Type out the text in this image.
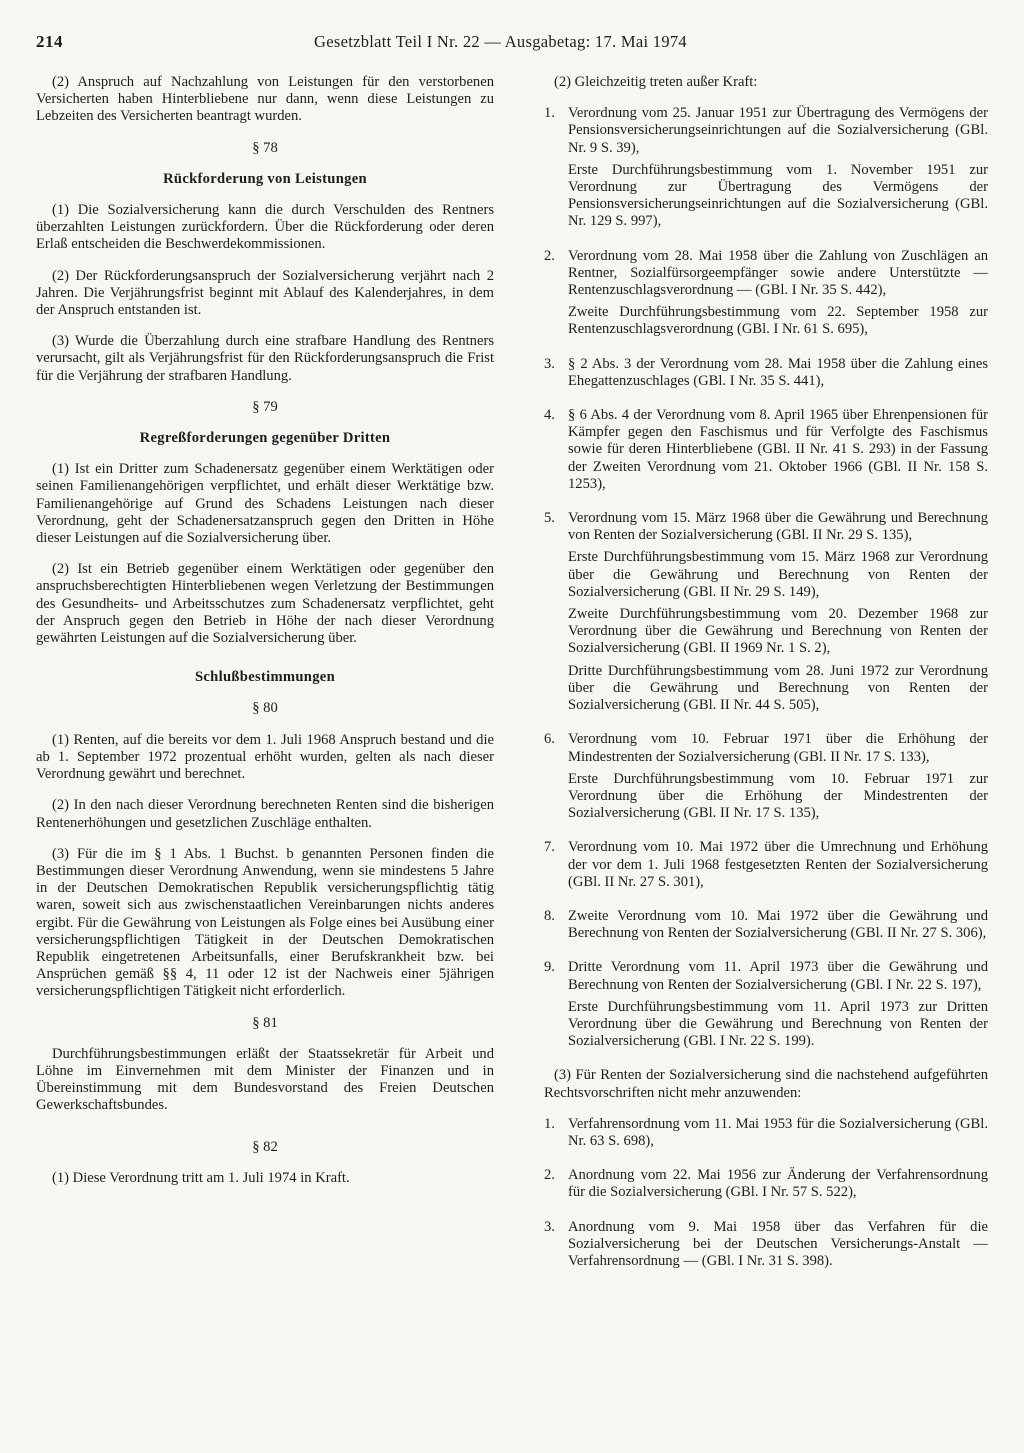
214	Gesetzblatt Teil I Nr. 22 — Ausgabetag: 17. Mai 1974

(2) Anspruch auf Nachzahlung von Leistungen für den verstorbenen Versicherten haben Hinterbliebene nur dann, wenn diese Leistungen zu Lebzeiten des Versicherten beantragt wurden.

§ 78

Rückforderung von Leistungen

(1) Die Sozialversicherung kann die durch Verschulden des Rentners überzahlten Leistungen zurückfordern. Über die Rückforderung oder deren Erlaß entscheiden die Beschwerdekommissionen.

(2) Der Rückforderungsanspruch der Sozialversicherung verjährt nach 2 Jahren. Die Verjährungsfrist beginnt mit Ablauf des Kalenderjahres, in dem der Anspruch entstanden ist.

(3) Wurde die Überzahlung durch eine strafbare Handlung des Rentners verursacht, gilt als Verjährungsfrist für den Rückforderungsanspruch die Frist für die Verjährung der strafbaren Handlung.

§ 79

Regreßforderungen gegenüber Dritten

(1) Ist ein Dritter zum Schadenersatz gegenüber einem Werktätigen oder seinen Familienangehörigen verpflichtet, und erhält dieser Werktätige bzw. Familienangehörige auf Grund des Schadens Leistungen nach dieser Verordnung, geht der Schadenersatzanspruch gegen den Dritten in Höhe dieser Leistungen auf die Sozialversicherung über.

(2) Ist ein Betrieb gegenüber einem Werktätigen oder gegenüber den anspruchsberechtigten Hinterbliebenen wegen Verletzung der Bestimmungen des Gesundheits- und Arbeitsschutzes zum Schadenersatz verpflichtet, geht der Anspruch gegen den Betrieb in Höhe der nach dieser Verordnung gewährten Leistungen auf die Sozialversicherung über.

Schlußbestimmungen

§ 80

(1) Renten, auf die bereits vor dem 1. Juli 1968 Anspruch bestand und die ab 1. September 1972 prozentual erhöht wurden, gelten als nach dieser Verordnung gewährt und berechnet.

(2) In den nach dieser Verordnung berechneten Renten sind die bisherigen Rentenerhöhungen und gesetzlichen Zuschläge enthalten.

(3) Für die im § 1 Abs. 1 Buchst. b genannten Personen finden die Bestimmungen dieser Verordnung Anwendung, wenn sie mindestens 5 Jahre in der Deutschen Demokratischen Republik versicherungspflichtig tätig waren, soweit sich aus zwischenstaatlichen Vereinbarungen nichts anderes ergibt. Für die Gewährung von Leistungen als Folge eines bei Ausübung einer versicherungspflichtigen Tätigkeit in der Deutschen Demokratischen Republik eingetretenen Arbeitsunfalls, einer Berufskrankheit bzw. bei Ansprüchen gemäß §§ 4, 11 oder 12 ist der Nachweis einer 5jährigen versicherungspflichtigen Tätigkeit nicht erforderlich.

§ 81

Durchführungsbestimmungen erläßt der Staatssekretär für Arbeit und Löhne im Einvernehmen mit dem Minister der Finanzen und in Übereinstimmung mit dem Bundesvorstand des Freien Deutschen Gewerkschaftsbundes.

§ 82

(1) Diese Verordnung tritt am 1. Juli 1974 in Kraft.

(2) Gleichzeitig treten außer Kraft:

1. Verordnung vom 25. Januar 1951 zur Übertragung des Vermögens der Pensionsversicherungseinrichtungen auf die Sozialversicherung (GBl. Nr. 9 S. 39),

Erste Durchführungsbestimmung vom 1. November 1951 zur Verordnung zur Übertragung des Vermögens der Pensionsversicherungseinrichtungen auf die Sozialversicherung (GBl. Nr. 129 S. 997),

2. Verordnung vom 28. Mai 1958 über die Zahlung von Zuschlägen an Rentner, Sozialfürsorgeempfänger sowie andere Unterstützte — Rentenzuschlagsverordnung — (GBl. I Nr. 35 S. 442),

Zweite Durchführungsbestimmung vom 22. September 1958 zur Rentenzuschlagsverordnung (GBl. I Nr. 61 S. 695),

3. § 2 Abs. 3 der Verordnung vom 28. Mai 1958 über die Zahlung eines Ehegattenzuschlages (GBl. I Nr. 35 S. 441),

4. § 6 Abs. 4 der Verordnung vom 8. April 1965 über Ehrenpensionen für Kämpfer gegen den Faschismus und für Verfolgte des Faschismus sowie für deren Hinterbliebene (GBl. II Nr. 41 S. 293) in der Fassung der Zweiten Verordnung vom 21. Oktober 1966 (GBl. II Nr. 158 S. 1253),

5. Verordnung vom 15. März 1968 über die Gewährung und Berechnung von Renten der Sozialversicherung (GBl. II Nr. 29 S. 135),

Erste Durchführungsbestimmung vom 15. März 1968 zur Verordnung über die Gewährung und Berechnung von Renten der Sozialversicherung (GBl. II Nr. 29 S. 149),

Zweite Durchführungsbestimmung vom 20. Dezember 1968 zur Verordnung über die Gewährung und Berechnung von Renten der Sozialversicherung (GBl. II 1969 Nr. 1 S. 2),

Dritte Durchführungsbestimmung vom 28. Juni 1972 zur Verordnung über die Gewährung und Berechnung von Renten der Sozialversicherung (GBl. II Nr. 44 S. 505),

6. Verordnung vom 10. Februar 1971 über die Erhöhung der Mindestrenten der Sozialversicherung (GBl. II Nr. 17 S. 133),

Erste Durchführungsbestimmung vom 10. Februar 1971 zur Verordnung über die Erhöhung der Mindestrenten der Sozialversicherung (GBl. II Nr. 17 S. 135),

7. Verordnung vom 10. Mai 1972 über die Umrechnung und Erhöhung der vor dem 1. Juli 1968 festgesetzten Renten der Sozialversicherung (GBl. II Nr. 27 S. 301),

8. Zweite Verordnung vom 10. Mai 1972 über die Gewährung und Berechnung von Renten der Sozialversicherung (GBl. II Nr. 27 S. 306),

9. Dritte Verordnung vom 11. April 1973 über die Gewährung und Berechnung von Renten der Sozialversicherung (GBl. I Nr. 22 S. 197),

Erste Durchführungsbestimmung vom 11. April 1973 zur Dritten Verordnung über die Gewährung und Berechnung von Renten der Sozialversicherung (GBl. I Nr. 22 S. 199).

(3) Für Renten der Sozialversicherung sind die nachstehend aufgeführten Rechtsvorschriften nicht mehr anzuwenden:

1. Verfahrensordnung vom 11. Mai 1953 für die Sozialversicherung (GBl. Nr. 63 S. 698),

2. Anordnung vom 22. Mai 1956 zur Änderung der Verfahrensordnung für die Sozialversicherung (GBl. I Nr. 57 S. 522),

3. Anordnung vom 9. Mai 1958 über das Verfahren für die Sozialversicherung bei der Deutschen Versicherungs-Anstalt — Verfahrensordnung — (GBl. I Nr. 31 S. 398).
